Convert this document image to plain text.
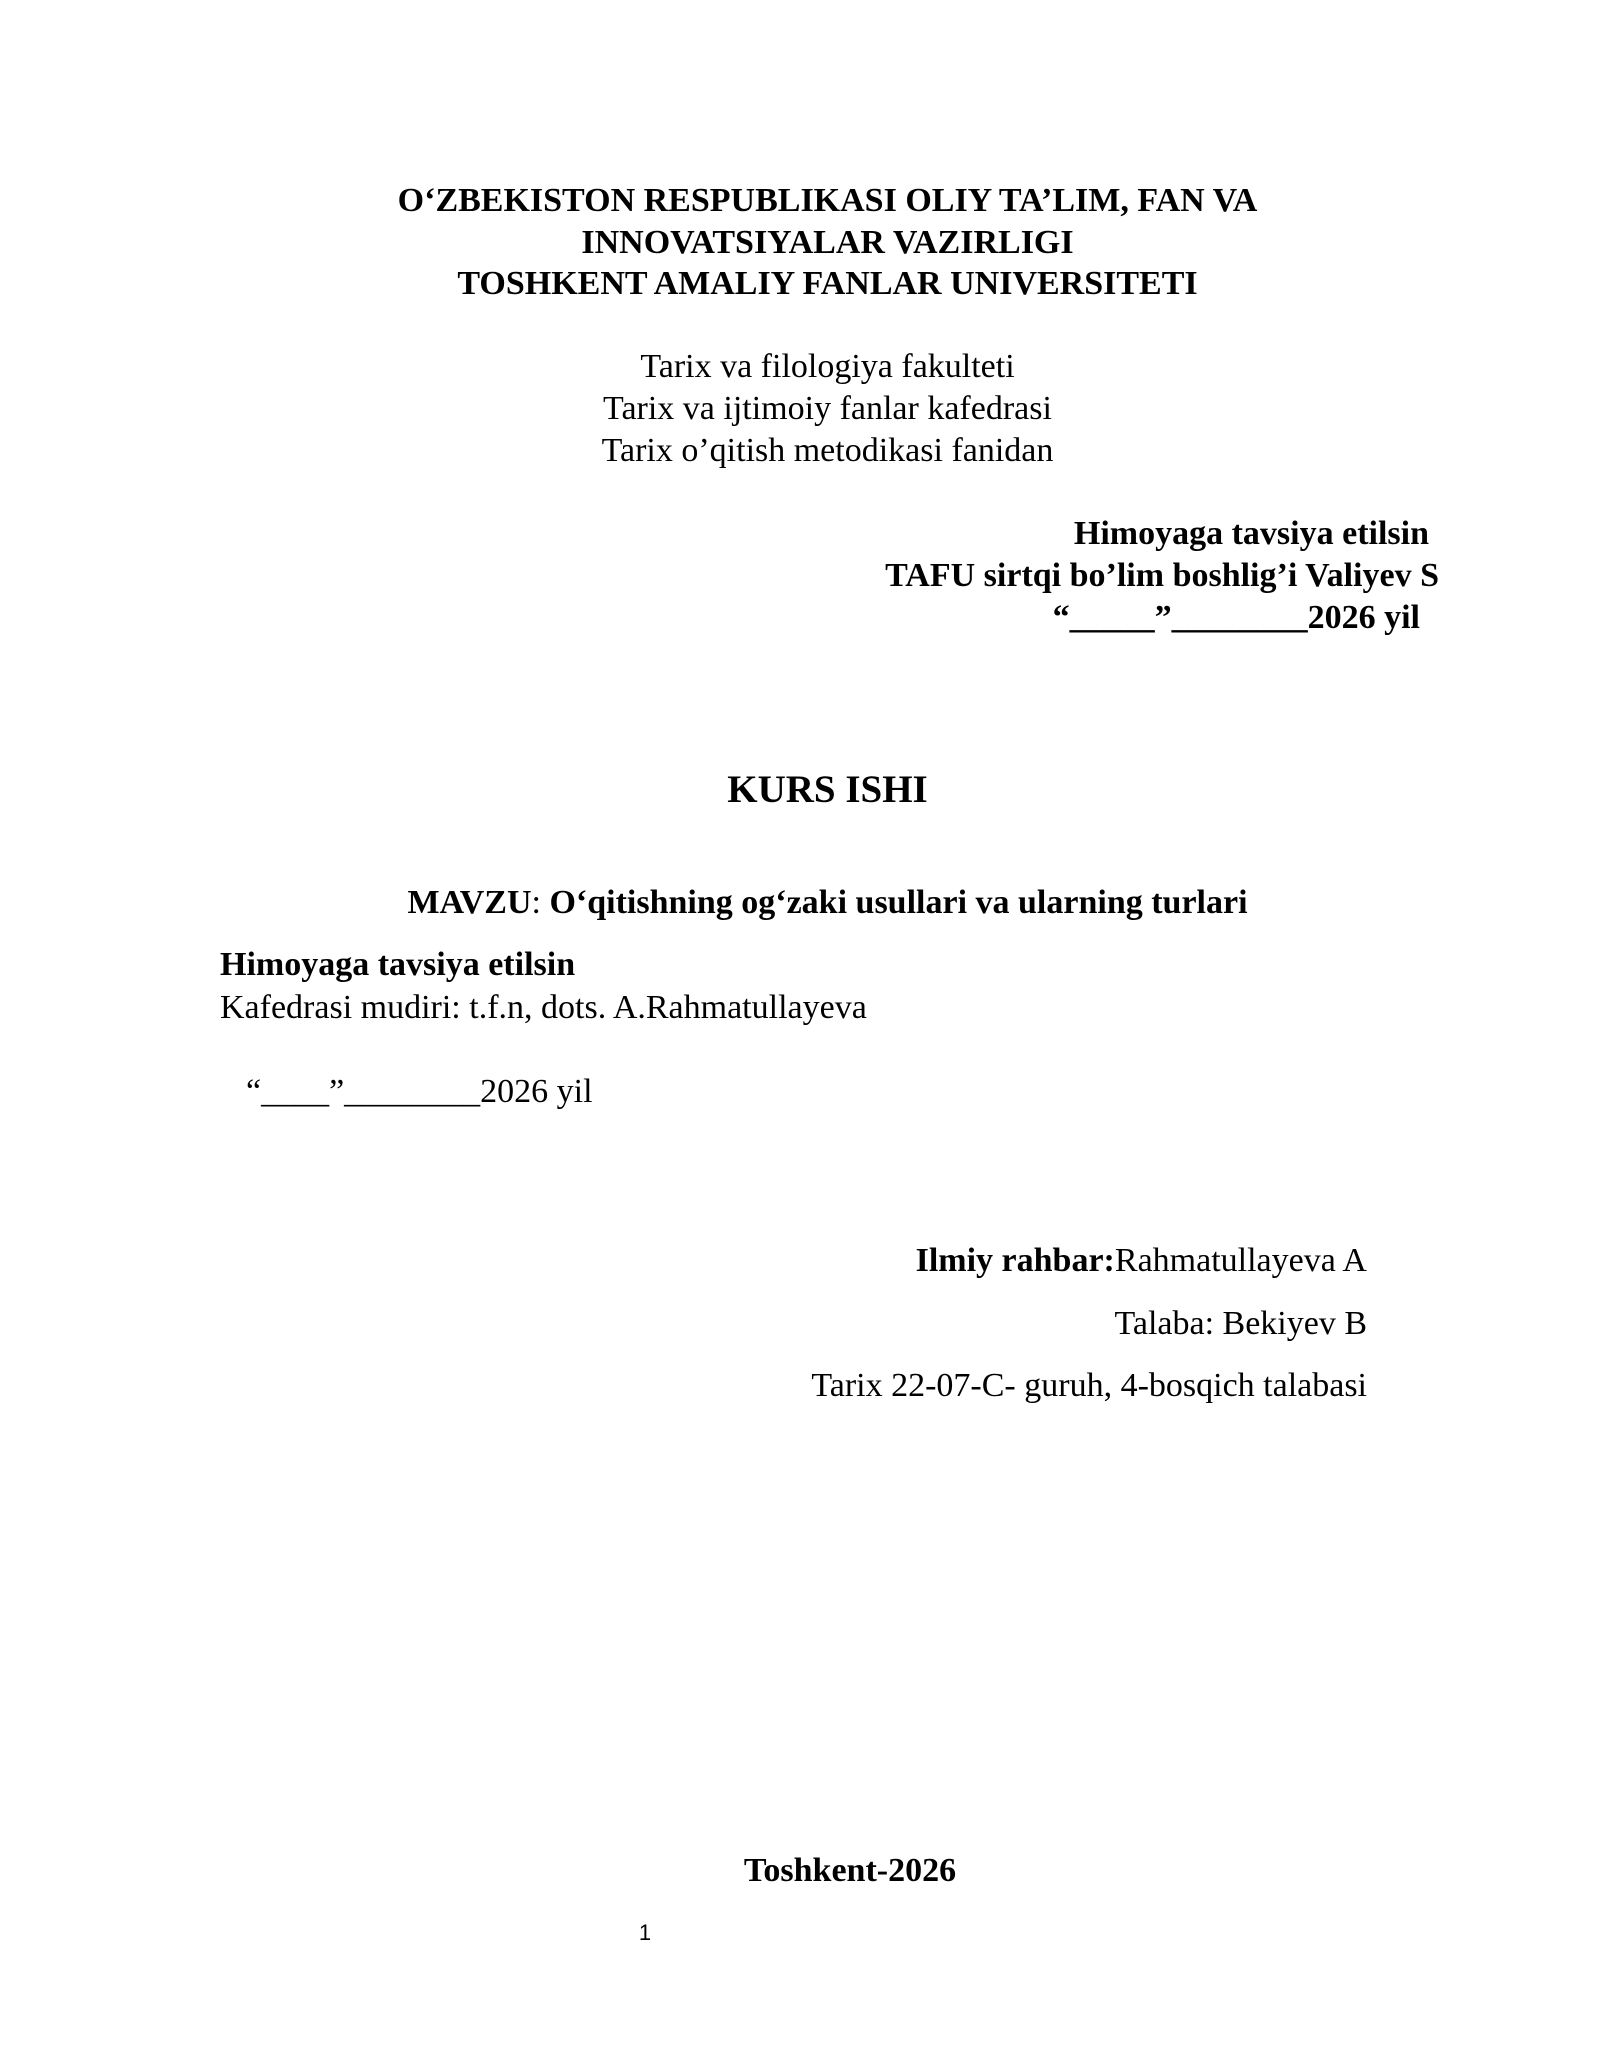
O‘ZBEKISTON RESPUBLIKASI OLIY TA’LIM, FAN VA
INNOVATSIYALAR VAZIRLIGI
TOSHKENT AMALIY FANLAR UNIVERSITETI
Tarix va filologiya fakulteti
Tarix va ijtimoiy fanlar kafedrasi
Tarix o’qitish metodikasi fanidan
Himoyaga tavsiya etilsin
TAFU sirtqi bo’lim boshlig’i Valiyev S
“_____”________2026 yil
KURS ISHI
MAVZU: O‘qitishning og‘zaki usullari va ularning turlari
Himoyaga tavsiya etilsin
Kafedrasi mudiri: t.f.n, dots. A.Rahmatullayeva
“____”________2026 yil
Ilmiy rahbar:Rahmatullayeva A
Talaba: Bekiyev B
Tarix 22-07-C- guruh, 4-bosqich talabasi
Toshkent-2026
1
